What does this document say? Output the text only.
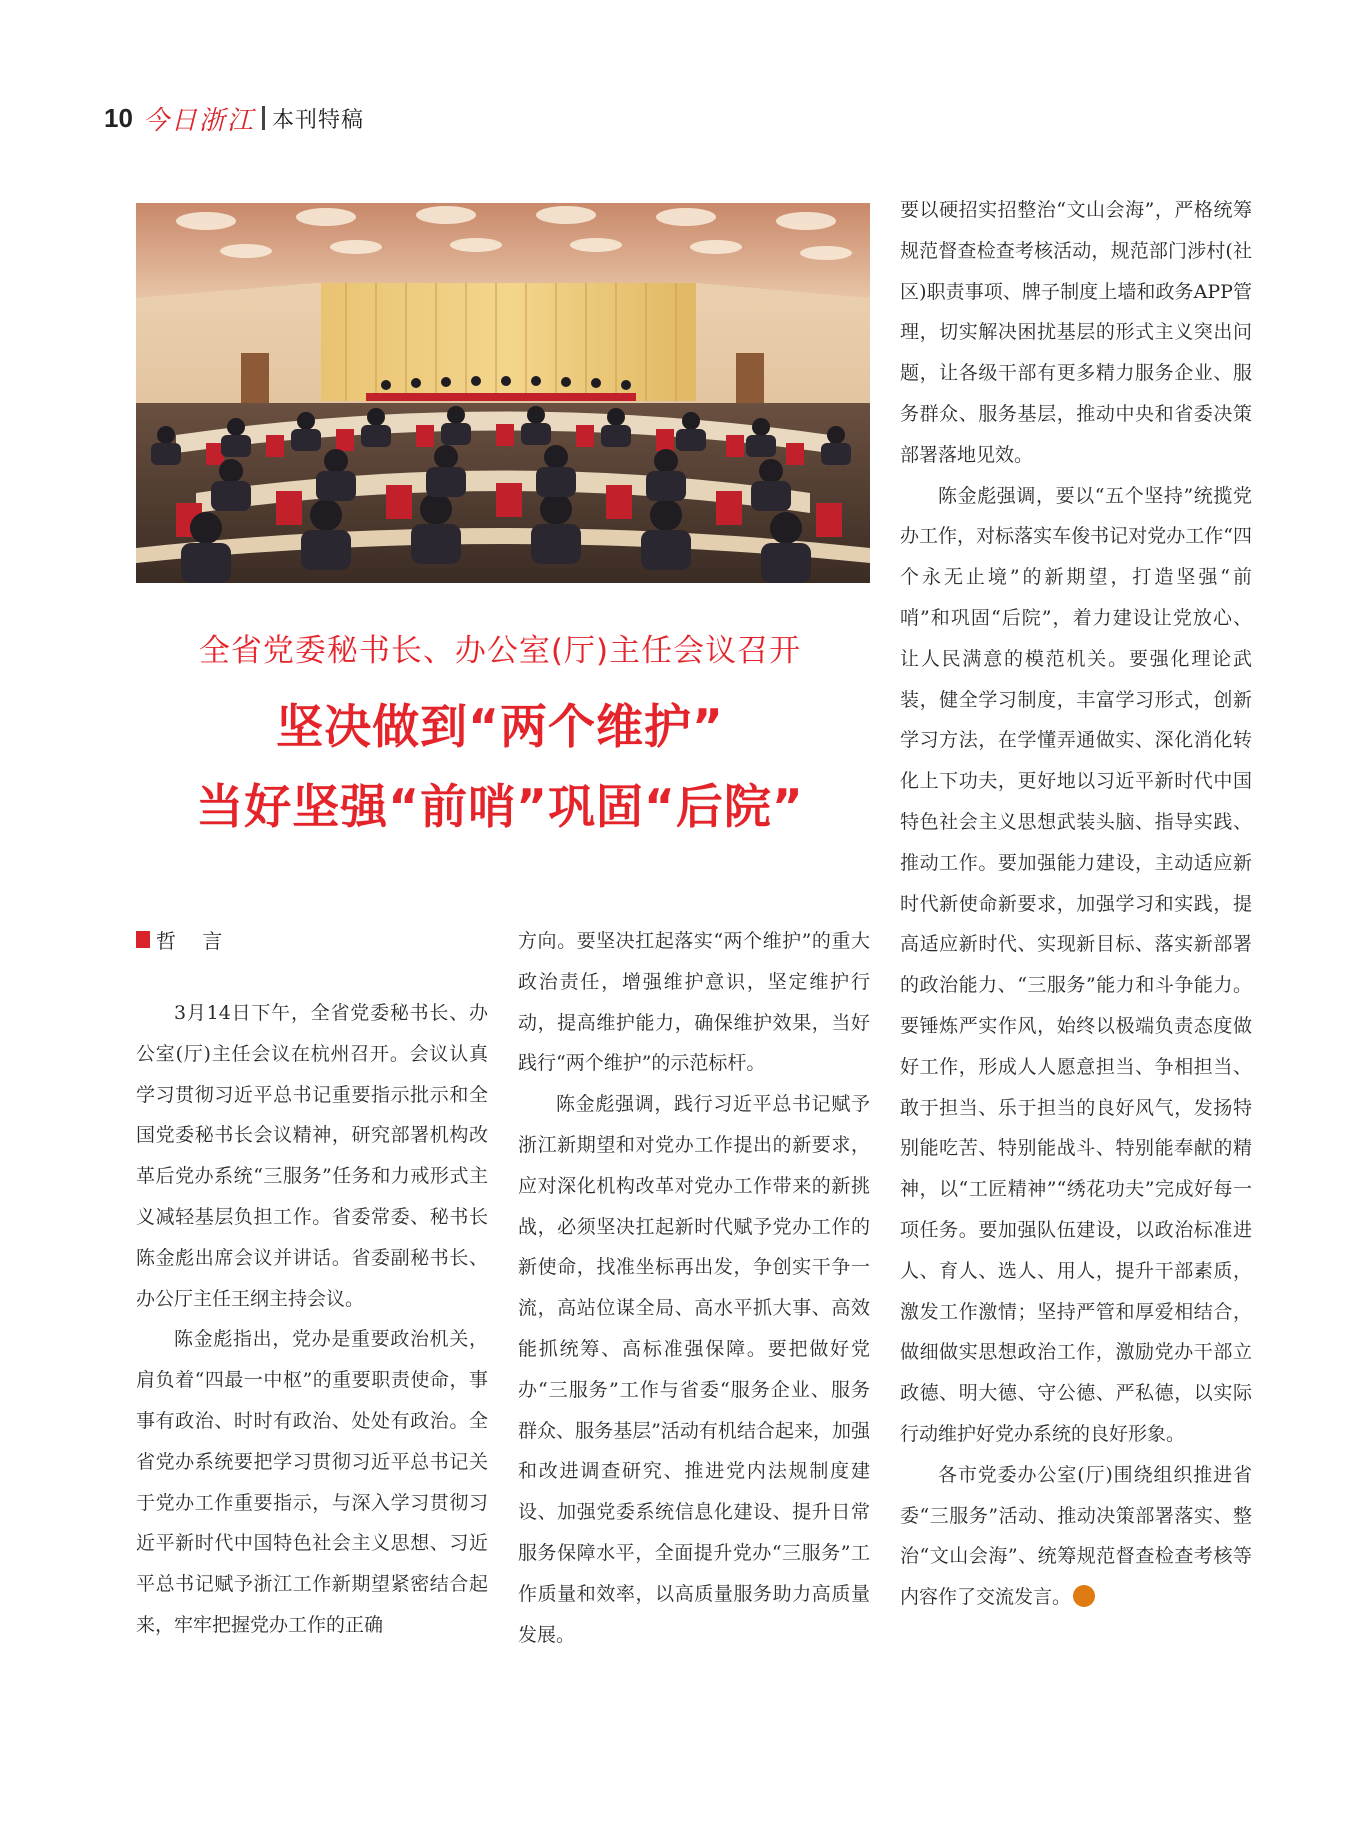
10 今日浙江 本刊特稿
全省党委秘书长、办公室(厅)主任会议召开
坚决做到“两个维护”
当好坚强“前哨”巩固“后院”
哲 言

3月14日下午，全省党委秘书长、办公室(厅)主任会议在杭州召开。会议认真学习贯彻习近平总书记重要指示批示和全国党委秘书长会议精神，研究部署机构改革后党办系统“三服务”任务和力戒形式主义减轻基层负担工作。省委常委、秘书长陈金彪出席会议并讲话。省委副秘书长、办公厅主任王纲主持会议。

陈金彪指出，党办是重要政治机关，肩负着“四最一中枢”的重要职责使命，事事有政治、时时有政治、处处有政治。全省党办系统要把学习贯彻习近平总书记关于党办工作重要指示，与深入学习贯彻习近平新时代中国特色社会主义思想、习近平总书记赋予浙江工作新期望紧密结合起来，牢牢把握党办工作的正确

方向。要坚决扛起落实“两个维护”的重大政治责任，增强维护意识，坚定维护行动，提高维护能力，确保维护效果，当好践行“两个维护”的示范标杆。

陈金彪强调，践行习近平总书记赋予浙江新期望和对党办工作提出的新要求，应对深化机构改革对党办工作带来的新挑战，必须坚决扛起新时代赋予党办工作的新使命，找准坐标再出发，争创实干争一流，高站位谋全局、高水平抓大事、高效能抓统筹、高标准强保障。要把做好党办“三服务”工作与省委“服务企业、服务群众、服务基层”活动有机结合起来，加强和改进调查研究、推进党内法规制度建设、加强党委系统信息化建设、提升日常服务保障水平，全面提升党办“三服务”工作质量和效率，以高质量服务助力高质量发展。

要以硬招实招整治“文山会海”，严格统筹规范督查检查考核活动，规范部门涉村(社区)职责事项、牌子制度上墙和政务APP管理，切实解决困扰基层的形式主义突出问题，让各级干部有更多精力服务企业、服务群众、服务基层，推动中央和省委决策部署落地见效。

陈金彪强调，要以“五个坚持”统揽党办工作，对标落实车俊书记对党办工作“四个永无止境”的新期望，打造坚强“前哨”和巩固“后院”，着力建设让党放心、让人民满意的模范机关。要强化理论武装，健全学习制度，丰富学习形式，创新学习方法，在学懂弄通做实、深化消化转化上下功夫，更好地以习近平新时代中国特色社会主义思想武装头脑、指导实践、推动工作。要加强能力建设，主动适应新时代新使命新要求，加强学习和实践，提高适应新时代、实现新目标、落实新部署的政治能力、“三服务”能力和斗争能力。要锤炼严实作风，始终以极端负责态度做好工作，形成人人愿意担当、争相担当、敢于担当、乐于担当的良好风气，发扬特别能吃苦、特别能战斗、特别能奉献的精神，以“工匠精神”“绣花功夫”完成好每一项任务。要加强队伍建设，以政治标准进人、育人、选人、用人，提升干部素质，激发工作激情；坚持严管和厚爱相结合，做细做实思想政治工作，激励党办干部立政德、明大德、守公德、严私德，以实际行动维护好党办系统的良好形象。

各市党委办公室(厅)围绕组织推进省委“三服务”活动、推动决策部署落实、整治“文山会海”、统筹规范督查检查考核等内容作了交流发言。
